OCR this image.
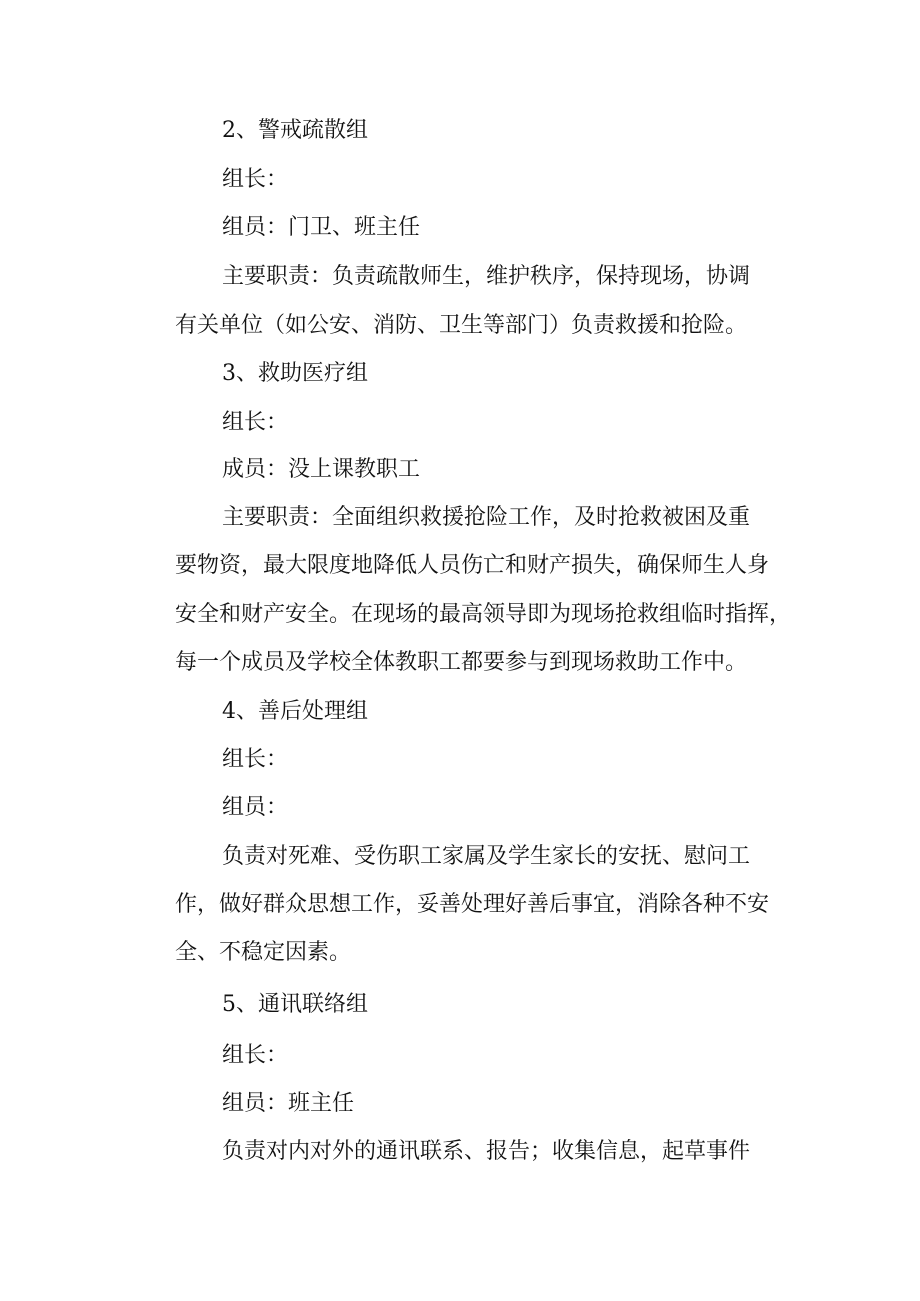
2、警戒疏散组
组长：
组员：门卫、班主任
主要职责：负责疏散师生，维护秩序，保持现场，协调
有关单位（如公安、消防、卫生等部门）负责救援和抢险。
3、救助医疗组
组长：
成员：没上课教职工
主要职责：全面组织救援抢险工作，及时抢救被困及重
要物资，最大限度地降低人员伤亡和财产损失，确保师生人身
安全和财产安全。在现场的最高领导即为现场抢救组临时指挥，
每一个成员及学校全体教职工都要参与到现场救助工作中。
4、善后处理组
组长：
组员：
负责对死难、受伤职工家属及学生家长的安抚、慰问工
作，做好群众思想工作，妥善处理好善后事宜，消除各种不安
全、不稳定因素。
5、通讯联络组
组长：
组员：班主任
负责对内对外的通讯联系、报告；收集信息，起草事件
